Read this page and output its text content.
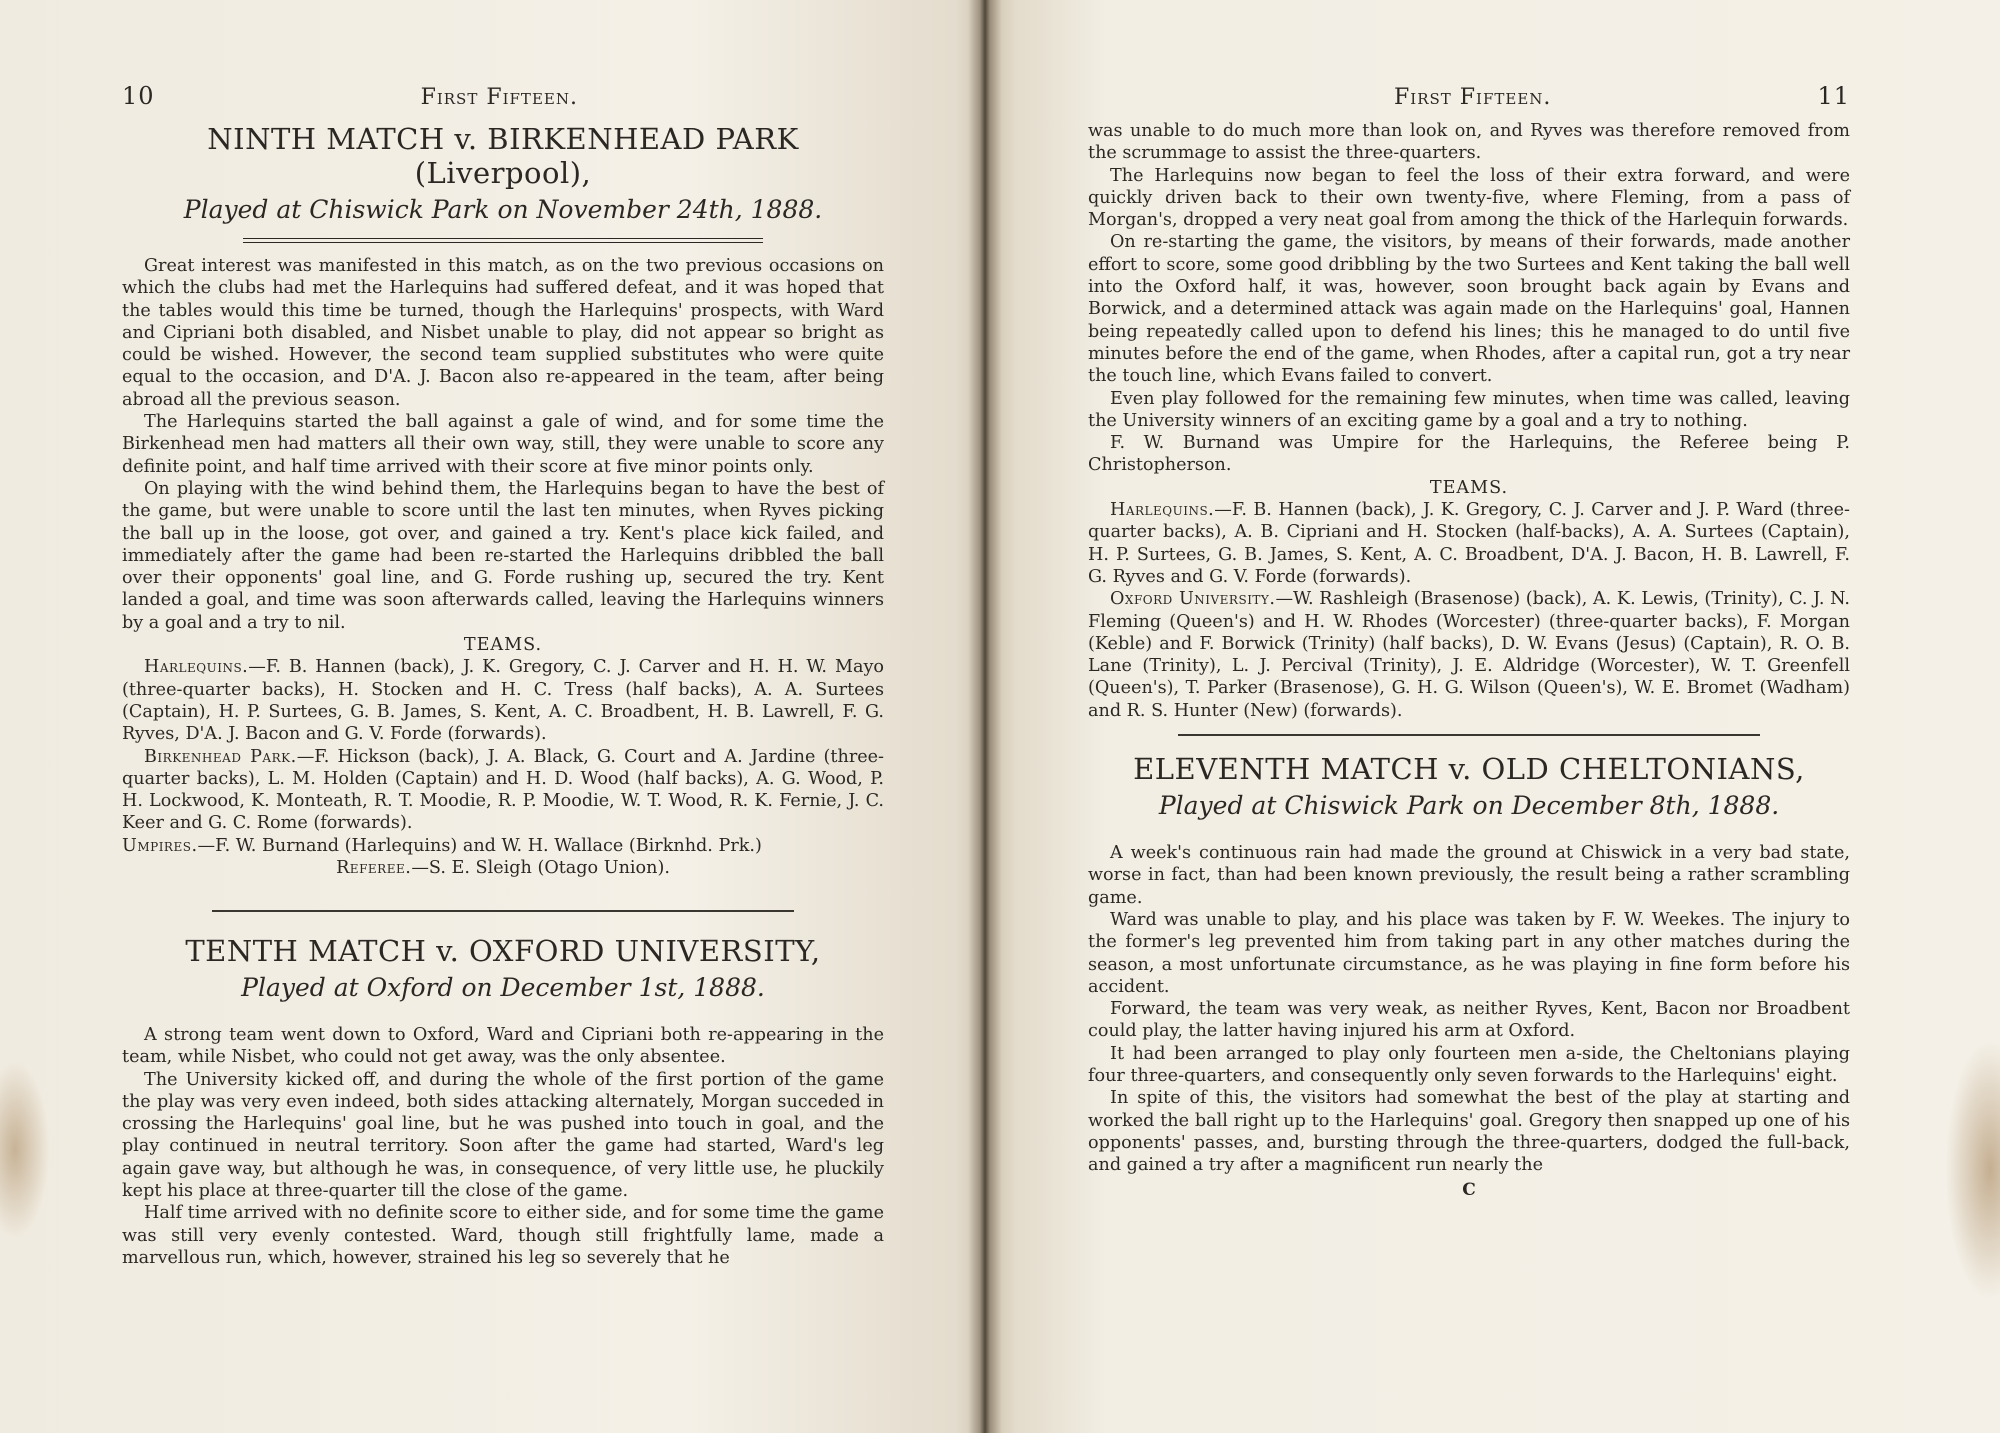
10	First Fifteen.
NINTH MATCH v. BIRKENHEAD PARK (Liverpool),
Played at Chiswick Park on November 24th, 1888.

Great interest was manifested in this match, as on the two previous occasions on which the clubs had met the Harlequins had suffered defeat, and it was hoped that the tables would this time be turned, though the Harlequins' prospects, with Ward and Cipriani both disabled, and Nisbet unable to play, did not appear so bright as could be wished. However, the second team supplied substitutes who were quite equal to the occasion, and D'A. J. Bacon also re-appeared in the team, after being abroad all the previous season.

The Harlequins started the ball against a gale of wind, and for some time the Birkenhead men had matters all their own way, still, they were unable to score any definite point, and half time arrived with their score at five minor points only.

On playing with the wind behind them, the Harlequins began to have the best of the game, but were unable to score until the last ten minutes, when Ryves picking the ball up in the loose, got over, and gained a try. Kent's place kick failed, and immediately after the game had been re-started the Harlequins dribbled the ball over their opponents' goal line, and G. Forde rushing up, secured the try. Kent landed a goal, and time was soon afterwards called, leaving the Harlequins winners by a goal and a try to nil.

TEAMS.

Harlequins.—F. B. Hannen (back), J. K. Gregory, C. J. Carver and H. H. W. Mayo (three-quarter backs), H. Stocken and H. C. Tress (half backs), A. A. Surtees (Captain), H. P. Surtees, G. B. James, S. Kent, A. C. Broadbent, H. B. Lawrell, F. G. Ryves, D'A. J. Bacon and G. V. Forde (forwards).

Birkenhead Park.—F. Hickson (back), J. A. Black, G. Court and A. Jardine (three-quarter backs), L. M. Holden (Captain) and H. D. Wood (half backs), A. G. Wood, P. H. Lockwood, K. Monteath, R. T. Moodie, R. P. Moodie, W. T. Wood, R. K. Fernie, J. C. Keer and G. C. Rome (forwards).

Umpires.—F. W. Burnand (Harlequins) and W. H. Wallace (Birknhd. Prk.)

Referee.—S. E. Sleigh (Otago Union).

TENTH MATCH v. OXFORD UNIVERSITY,
Played at Oxford on December 1st, 1888.

A strong team went down to Oxford, Ward and Cipriani both re-appearing in the team, while Nisbet, who could not get away, was the only absentee.

The University kicked off, and during the whole of the first portion of the game the play was very even indeed, both sides attacking alternately, Morgan succeded in crossing the Harlequins' goal line, but he was pushed into touch in goal, and the play continued in neutral territory. Soon after the game had started, Ward's leg again gave way, but although he was, in consequence, of very little use, he pluckily kept his place at three-quarter till the close of the game.

Half time arrived with no definite score to either side, and for some time the game was still very evenly contested. Ward, though still frightfully lame, made a marvellous run, which, however, strained his leg so severely that he

First Fifteen.	11

was unable to do much more than look on, and Ryves was therefore removed from the scrummage to assist the three-quarters.

The Harlequins now began to feel the loss of their extra forward, and were quickly driven back to their own twenty-five, where Fleming, from a pass of Morgan's, dropped a very neat goal from among the thick of the Harlequin forwards.

On re-starting the game, the visitors, by means of their forwards, made another effort to score, some good dribbling by the two Surtees and Kent taking the ball well into the Oxford half, it was, however, soon brought back again by Evans and Borwick, and a determined attack was again made on the Harlequins' goal, Hannen being repeatedly called upon to defend his lines; this he managed to do until five minutes before the end of the game, when Rhodes, after a capital run, got a try near the touch line, which Evans failed to convert.

Even play followed for the remaining few minutes, when time was called, leaving the University winners of an exciting game by a goal and a try to nothing.

F. W. Burnand was Umpire for the Harlequins, the Referee being P. Christopherson.

TEAMS.

Harlequins.—F. B. Hannen (back), J. K. Gregory, C. J. Carver and J. P. Ward (three-quarter backs), A. B. Cipriani and H. Stocken (half-backs), A. A. Surtees (Captain), H. P. Surtees, G. B. James, S. Kent, A. C. Broadbent, D'A. J. Bacon, H. B. Lawrell, F. G. Ryves and G. V. Forde (forwards).

Oxford University.—W. Rashleigh (Brasenose) (back), A. K. Lewis, (Trinity), C. J. N. Fleming (Queen's) and H. W. Rhodes (Worcester) (three-quarter backs), F. Morgan (Keble) and F. Borwick (Trinity) (half backs), D. W. Evans (Jesus) (Captain), R. O. B. Lane (Trinity), L. J. Percival (Trinity), J. E. Aldridge (Worcester), W. T. Greenfell (Queen's), T. Parker (Brasenose), G. H. G. Wilson (Queen's), W. E. Bromet (Wadham) and R. S. Hunter (New) (forwards).

ELEVENTH MATCH v. OLD CHELTONIANS,
Played at Chiswick Park on December 8th, 1888.

A week's continuous rain had made the ground at Chiswick in a very bad state, worse in fact, than had been known previously, the result being a rather scrambling game.

Ward was unable to play, and his place was taken by F. W. Weekes. The injury to the former's leg prevented him from taking part in any other matches during the season, a most unfortunate circumstance, as he was playing in fine form before his accident.

Forward, the team was very weak, as neither Ryves, Kent, Bacon nor Broadbent could play, the latter having injured his arm at Oxford.

It had been arranged to play only fourteen men a-side, the Cheltonians playing four three-quarters, and consequently only seven forwards to the Harlequins' eight.

In spite of this, the visitors had somewhat the best of the play at starting and worked the ball right up to the Harlequins' goal. Gregory then snapped up one of his opponents' passes, and, bursting through the three-quarters, dodged the full-back, and gained a try after a magnificent run nearly the

C
